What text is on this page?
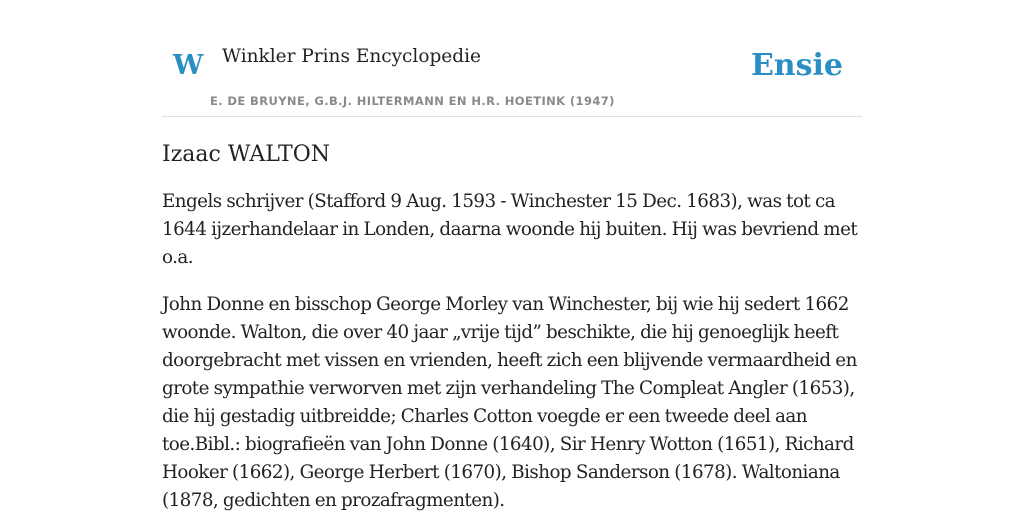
W Winkler Prins Encyclopedie
E. DE BRUYNE, G.B.J. HILTERMANN EN H.R. HOETINK (1947)
Ensie
Izaac WALTON

Engels schrijver (Stafford 9 Aug. 1593 - Winchester 15 Dec. 1683), was tot ca 1644 ijzerhandelaar in Londen, daarna woonde hij buiten. Hij was bevriend met o.a.

John Donne en bisschop George Morley van Winchester, bij wie hij sedert 1662 woonde. Walton, die over 40 jaar „vrije tijd” beschikte, die hij genoeglijk heeft doorgebracht met vissen en vrienden, heeft zich een blijvende vermaardheid en grote sympathie verworven met zijn verhandeling The Compleat Angler (1653), die hij gestadig uitbreidde; Charles Cotton voegde er een tweede deel aan toe.Bibl.: biografieën van John Donne (1640), Sir Henry Wotton (1651), Richard Hooker (1662), George Herbert (1670), Bishop Sanderson (1678). Waltoniana (1878, gedichten en prozafragmenten).
